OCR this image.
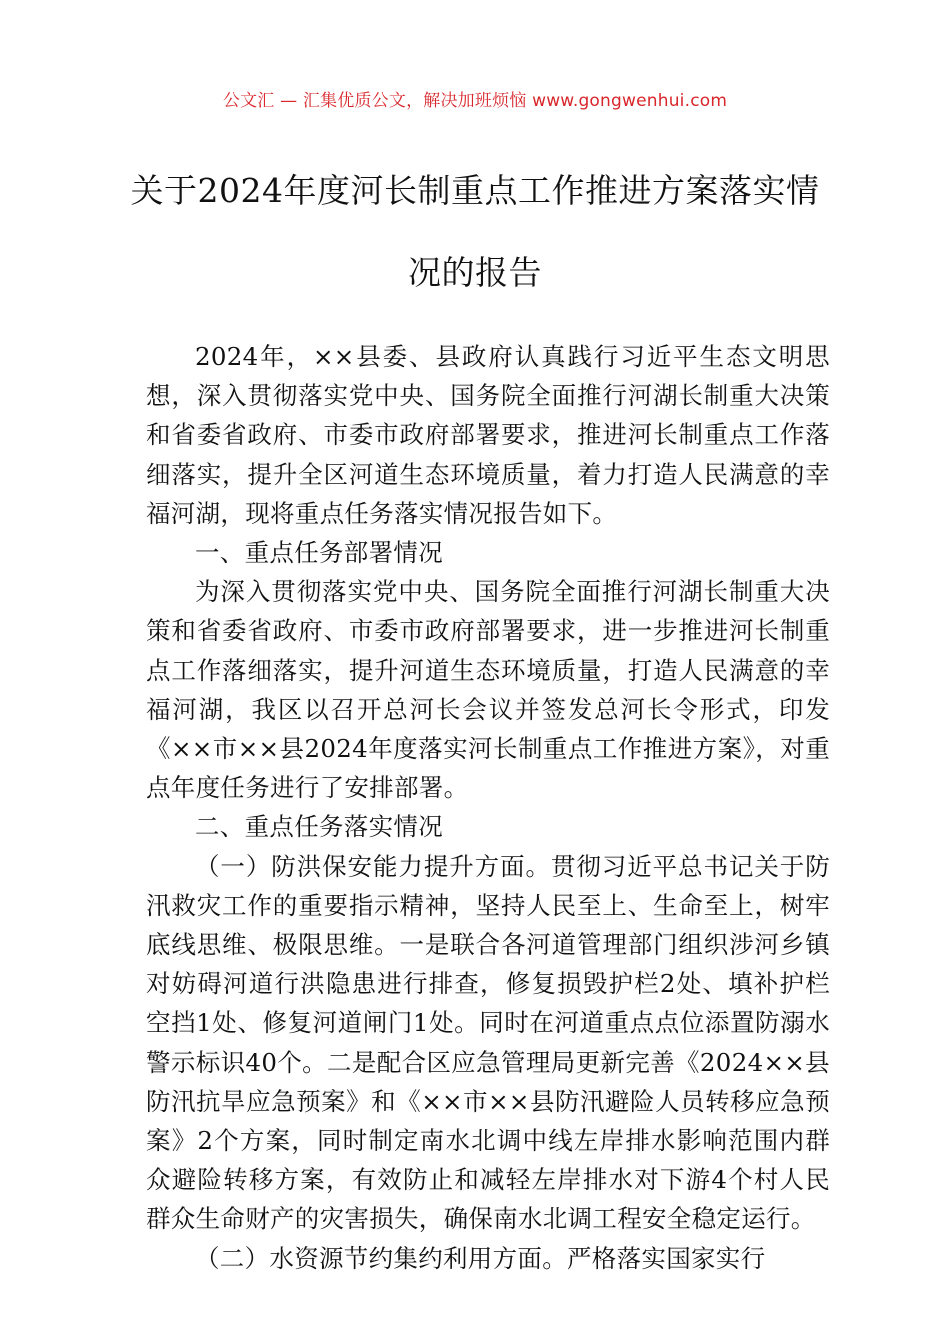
公文汇 — 汇集优质公文，解决加班烦恼 www.gongwenhui.com
关于2024年度河长制重点工作推进方案落实情况的报告

2024年，××县委、县政府认真践行习近平生态文明思想，深入贯彻落实党中央、国务院全面推行河湖长制重大决策和省委省政府、市委市政府部署要求，推进河长制重点工作落细落实，提升全区河道生态环境质量，着力打造人民满意的幸福河湖，现将重点任务落实情况报告如下。

一、重点任务部署情况

为深入贯彻落实党中央、国务院全面推行河湖长制重大决策和省委省政府、市委市政府部署要求，进一步推进河长制重点工作落细落实，提升河道生态环境质量，打造人民满意的幸福河湖，我区以召开总河长会议并签发总河长令形式，印发《××市××县2024年度落实河长制重点工作推进方案》，对重点年度任务进行了安排部署。

二、重点任务落实情况

（一）防洪保安能力提升方面。贯彻习近平总书记关于防汛救灾工作的重要指示精神，坚持人民至上、生命至上，树牢底线思维、极限思维。一是联合各河道管理部门组织涉河乡镇对妨碍河道行洪隐患进行排查，修复损毁护栏2处、填补护栏空挡1处、修复河道闸门1处。同时在河道重点点位添置防溺水警示标识40个。二是配合区应急管理局更新完善《2024××县防汛抗旱应急预案》和《××市××县防汛避险人员转移应急预案》2个方案，同时制定南水北调中线左岸排水影响范围内群众避险转移方案，有效防止和减轻左岸排水对下游4个村人民群众生命财产的灾害损失，确保南水北调工程安全稳定运行。

（二）水资源节约集约利用方面。严格落实国家实行
